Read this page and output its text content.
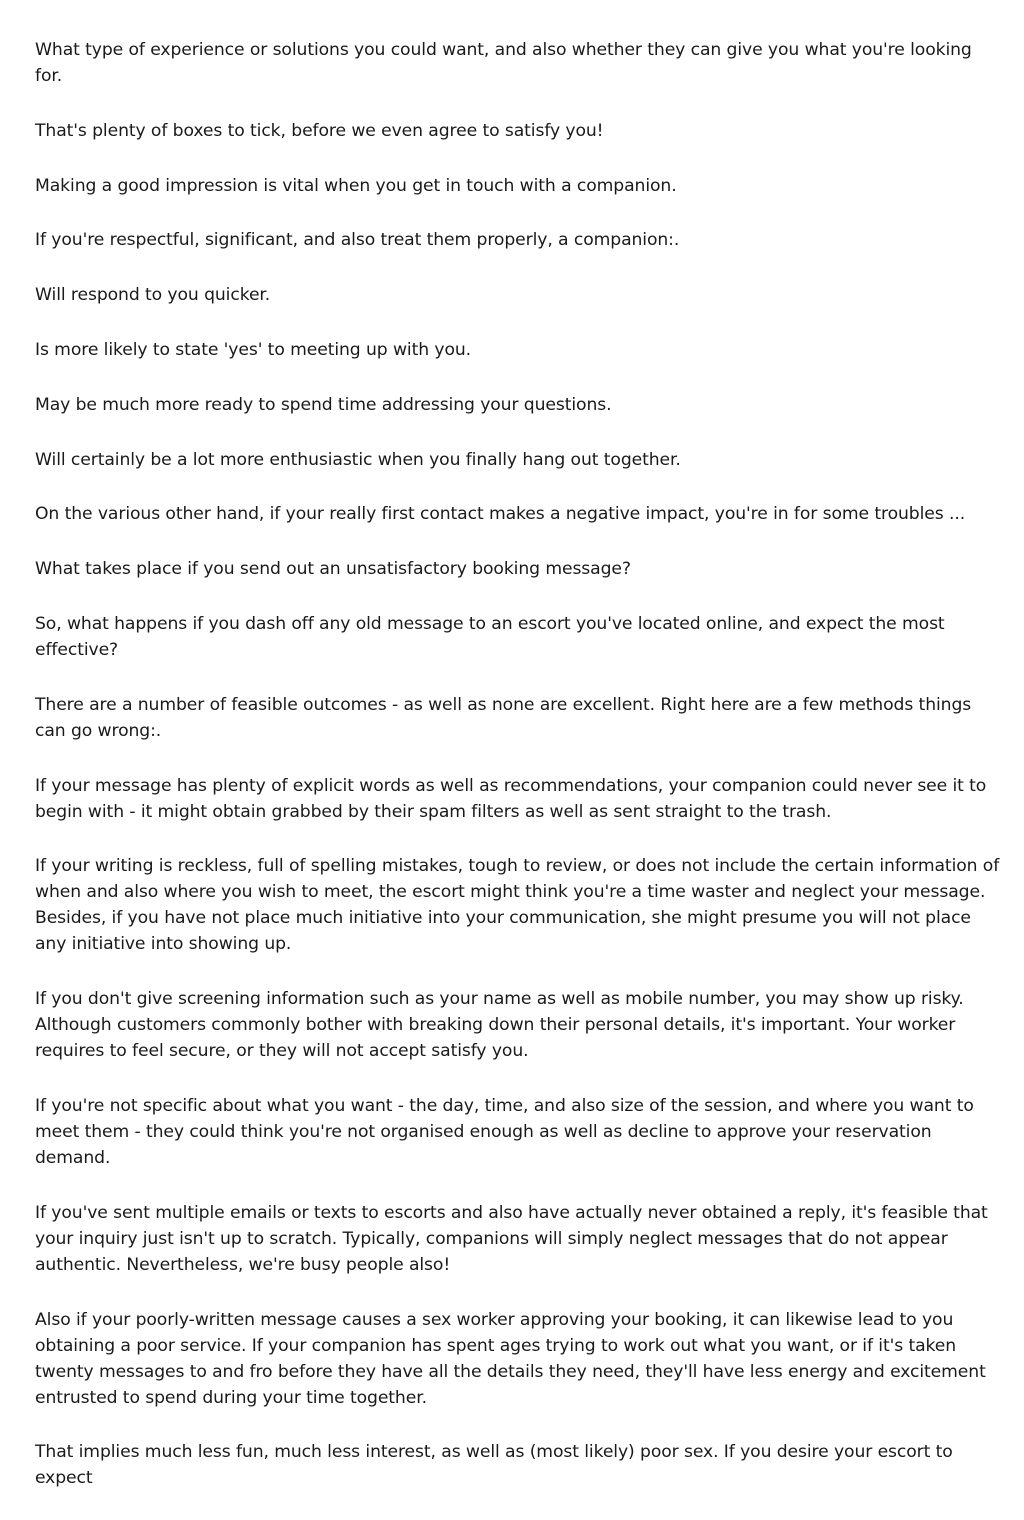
What type of experience or solutions you could want, and also whether they can give you what you're looking for.

That's plenty of boxes to tick, before we even agree to satisfy you!

Making a good impression is vital when you get in touch with a companion.

If you're respectful, significant, and also treat them properly, a companion:.

Will respond to you quicker.

Is more likely to state 'yes' to meeting up with you.

May be much more ready to spend time addressing your questions.

Will certainly be a lot more enthusiastic when you finally hang out together.

On the various other hand, if your really first contact makes a negative impact, you're in for some troubles ...

What takes place if you send out an unsatisfactory booking message?

So, what happens if you dash off any old message to an escort you've located online, and expect the most effective?

There are a number of feasible outcomes - as well as none are excellent. Right here are a few methods things can go wrong:.

If your message has plenty of explicit words as well as recommendations, your companion could never see it to begin with - it might obtain grabbed by their spam filters as well as sent straight to the trash.

If your writing is reckless, full of spelling mistakes, tough to review, or does not include the certain information of when and also where you wish to meet, the escort might think you're a time waster and neglect your message. Besides, if you have not place much initiative into your communication, she might presume you will not place any initiative into showing up.

If you don't give screening information such as your name as well as mobile number, you may show up risky. Although customers commonly bother with breaking down their personal details, it's important. Your worker requires to feel secure, or they will not accept satisfy you.

If you're not specific about what you want - the day, time, and also size of the session, and where you want to meet them - they could think you're not organised enough as well as decline to approve your reservation demand.

If you've sent multiple emails or texts to escorts and also have actually never obtained a reply, it's feasible that your inquiry just isn't up to scratch. Typically, companions will simply neglect messages that do not appear authentic. Nevertheless, we're busy people also!

Also if your poorly-written message causes a sex worker approving your booking, it can likewise lead to you obtaining a poor service. If your companion has spent ages trying to work out what you want, or if it's taken twenty messages to and fro before they have all the details they need, they'll have less energy and excitement entrusted to spend during your time together.

That implies much less fun, much less interest, as well as (most likely) poor sex. If you desire your escort to expect
